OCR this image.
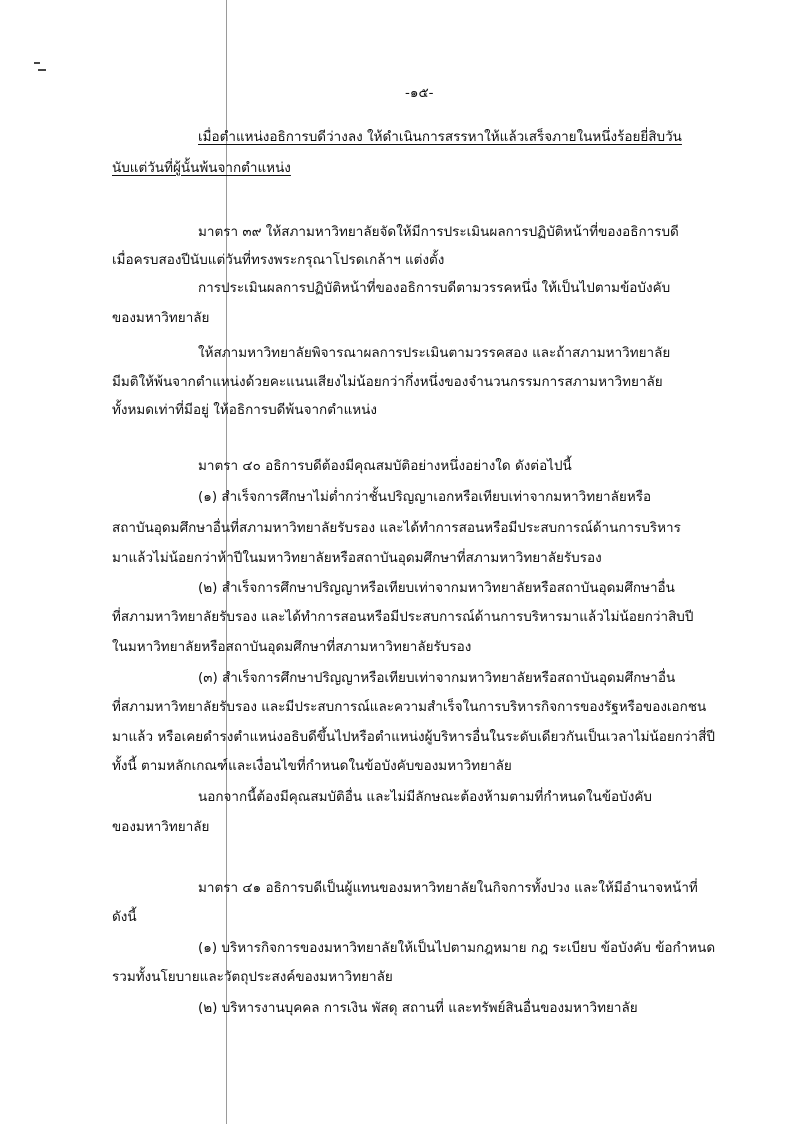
-๑๕-
เมื่อตำแหน่งอธิการบดีว่างลง ให้ดำเนินการสรรหาให้แล้วเสร็จภายในหนึ่งร้อยยี่สิบวัน
นับแต่วันที่ผู้นั้นพ้นจากตำแหน่ง
มาตรา ๓๙ ให้สภามหาวิทยาลัยจัดให้มีการประเมินผลการปฏิบัติหน้าที่ของอธิการบดี
เมื่อครบสองปีนับแต่วันที่ทรงพระกรุณาโปรดเกล้าฯ แต่งตั้ง
การประเมินผลการปฏิบัติหน้าที่ของอธิการบดีตามวรรคหนึ่ง ให้เป็นไปตามข้อบังคับ
ของมหาวิทยาลัย
ให้สภามหาวิทยาลัยพิจารณาผลการประเมินตามวรรคสอง และถ้าสภามหาวิทยาลัย
มีมติให้พ้นจากตำแหน่งด้วยคะแนนเสียงไม่น้อยกว่ากึ่งหนึ่งของจำนวนกรรมการสภามหาวิทยาลัย
ทั้งหมดเท่าที่มีอยู่ ให้อธิการบดีพ้นจากตำแหน่ง
มาตรา ๔๐ อธิการบดีต้องมีคุณสมบัติอย่างหนึ่งอย่างใด ดังต่อไปนี้
(๑) สำเร็จการศึกษาไม่ต่ำกว่าชั้นปริญญาเอกหรือเทียบเท่าจากมหาวิทยาลัยหรือ
สถาบันอุดมศึกษาอื่นที่สภามหาวิทยาลัยรับรอง และได้ทำการสอนหรือมีประสบการณ์ด้านการบริหาร
มาแล้วไม่น้อยกว่าห้าปีในมหาวิทยาลัยหรือสถาบันอุดมศึกษาที่สภามหาวิทยาลัยรับรอง
(๒) สำเร็จการศึกษาปริญญาหรือเทียบเท่าจากมหาวิทยาลัยหรือสถาบันอุดมศึกษาอื่น
ที่สภามหาวิทยาลัยรับรอง และได้ทำการสอนหรือมีประสบการณ์ด้านการบริหารมาแล้วไม่น้อยกว่าสิบปี
ในมหาวิทยาลัยหรือสถาบันอุดมศึกษาที่สภามหาวิทยาลัยรับรอง
(๓) สำเร็จการศึกษาปริญญาหรือเทียบเท่าจากมหาวิทยาลัยหรือสถาบันอุดมศึกษาอื่น
ที่สภามหาวิทยาลัยรับรอง และมีประสบการณ์และความสำเร็จในการบริหารกิจการของรัฐหรือของเอกชน
มาแล้ว หรือเคยดำรงตำแหน่งอธิบดีขึ้นไปหรือตำแหน่งผู้บริหารอื่นในระดับเดียวกันเป็นเวลาไม่น้อยกว่าสี่ปี
ทั้งนี้ ตามหลักเกณฑ์และเงื่อนไขที่กำหนดในข้อบังคับของมหาวิทยาลัย
นอกจากนี้ต้องมีคุณสมบัติอื่น และไม่มีลักษณะต้องห้ามตามที่กำหนดในข้อบังคับ
ของมหาวิทยาลัย
มาตรา ๔๑ อธิการบดีเป็นผู้แทนของมหาวิทยาลัยในกิจการทั้งปวง และให้มีอำนาจหน้าที่
ดังนี้
(๑) บริหารกิจการของมหาวิทยาลัยให้เป็นไปตามกฎหมาย กฎ ระเบียบ ข้อบังคับ ข้อกำหนด
รวมทั้งนโยบายและวัตถุประสงค์ของมหาวิทยาลัย
(๒) บริหารงานบุคคล การเงิน พัสดุ สถานที่ และทรัพย์สินอื่นของมหาวิทยาลัย
